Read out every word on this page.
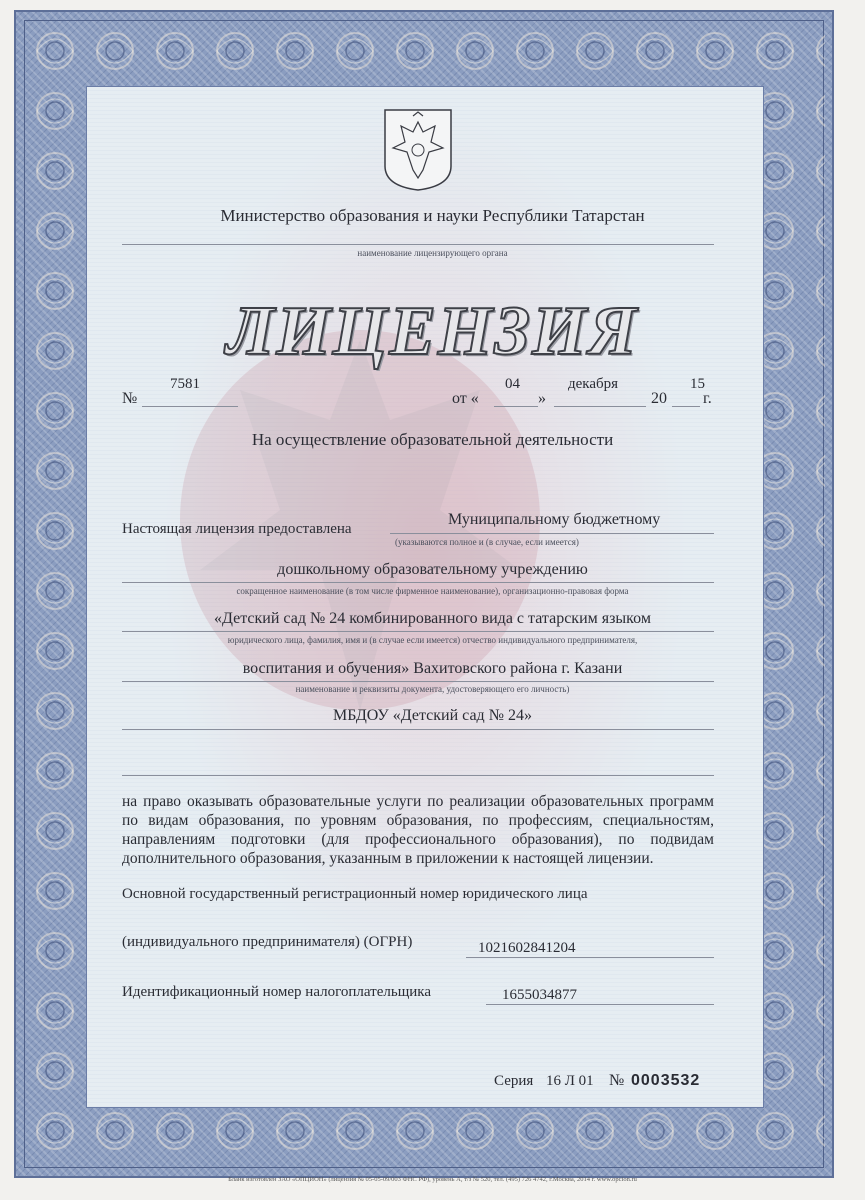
Министерство образования и науки Республики Татарстан
наименование лицензирующего органа
ЛИЦЕНЗИЯ
№
7581
от «
04
»
декабря
20
15
г.
На осуществление образовательной деятельности
Настоящая лицензия предоставлена
Муниципальному бюджетному
(указываются полное и (в случае, если имеется)
дошкольному образовательному учреждению
сокращенное наименование (в том числе фирменное наименование), организационно-правовая форма
«Детский сад № 24 комбинированного вида с татарским языком
юридического лица, фамилия, имя и (в случае если имеется) отчество индивидуального предпринимателя,
воспитания и обучения» Вахитовского района г. Казани
наименование и реквизиты документа, удостоверяющего его личность)
МБДОУ «Детский сад № 24»
на право оказывать образовательные услуги по реализации образовательных программ по видам образования, по уровням образования, по профессиям, специальностям, направлениям подготовки (для профессионального образования), по подвидам дополнительного образования, указанным в приложении к настоящей лицензии.
Основной государственный регистрационный номер юридического лица
(индивидуального предпринимателя) (ОГРН)	1021602841204
Идентификационный номер налогоплательщика	1655034877
Серия 16 Л 01 № 0003532
Бланк изготовлен ЗАО «ОПЦИОН» (лицензия № 05-05-09/003 ФНС РФ), уровень А, т/з № 520, тел. (495) 726 4742, г.Москва, 2014 г. www.opcion.ru
